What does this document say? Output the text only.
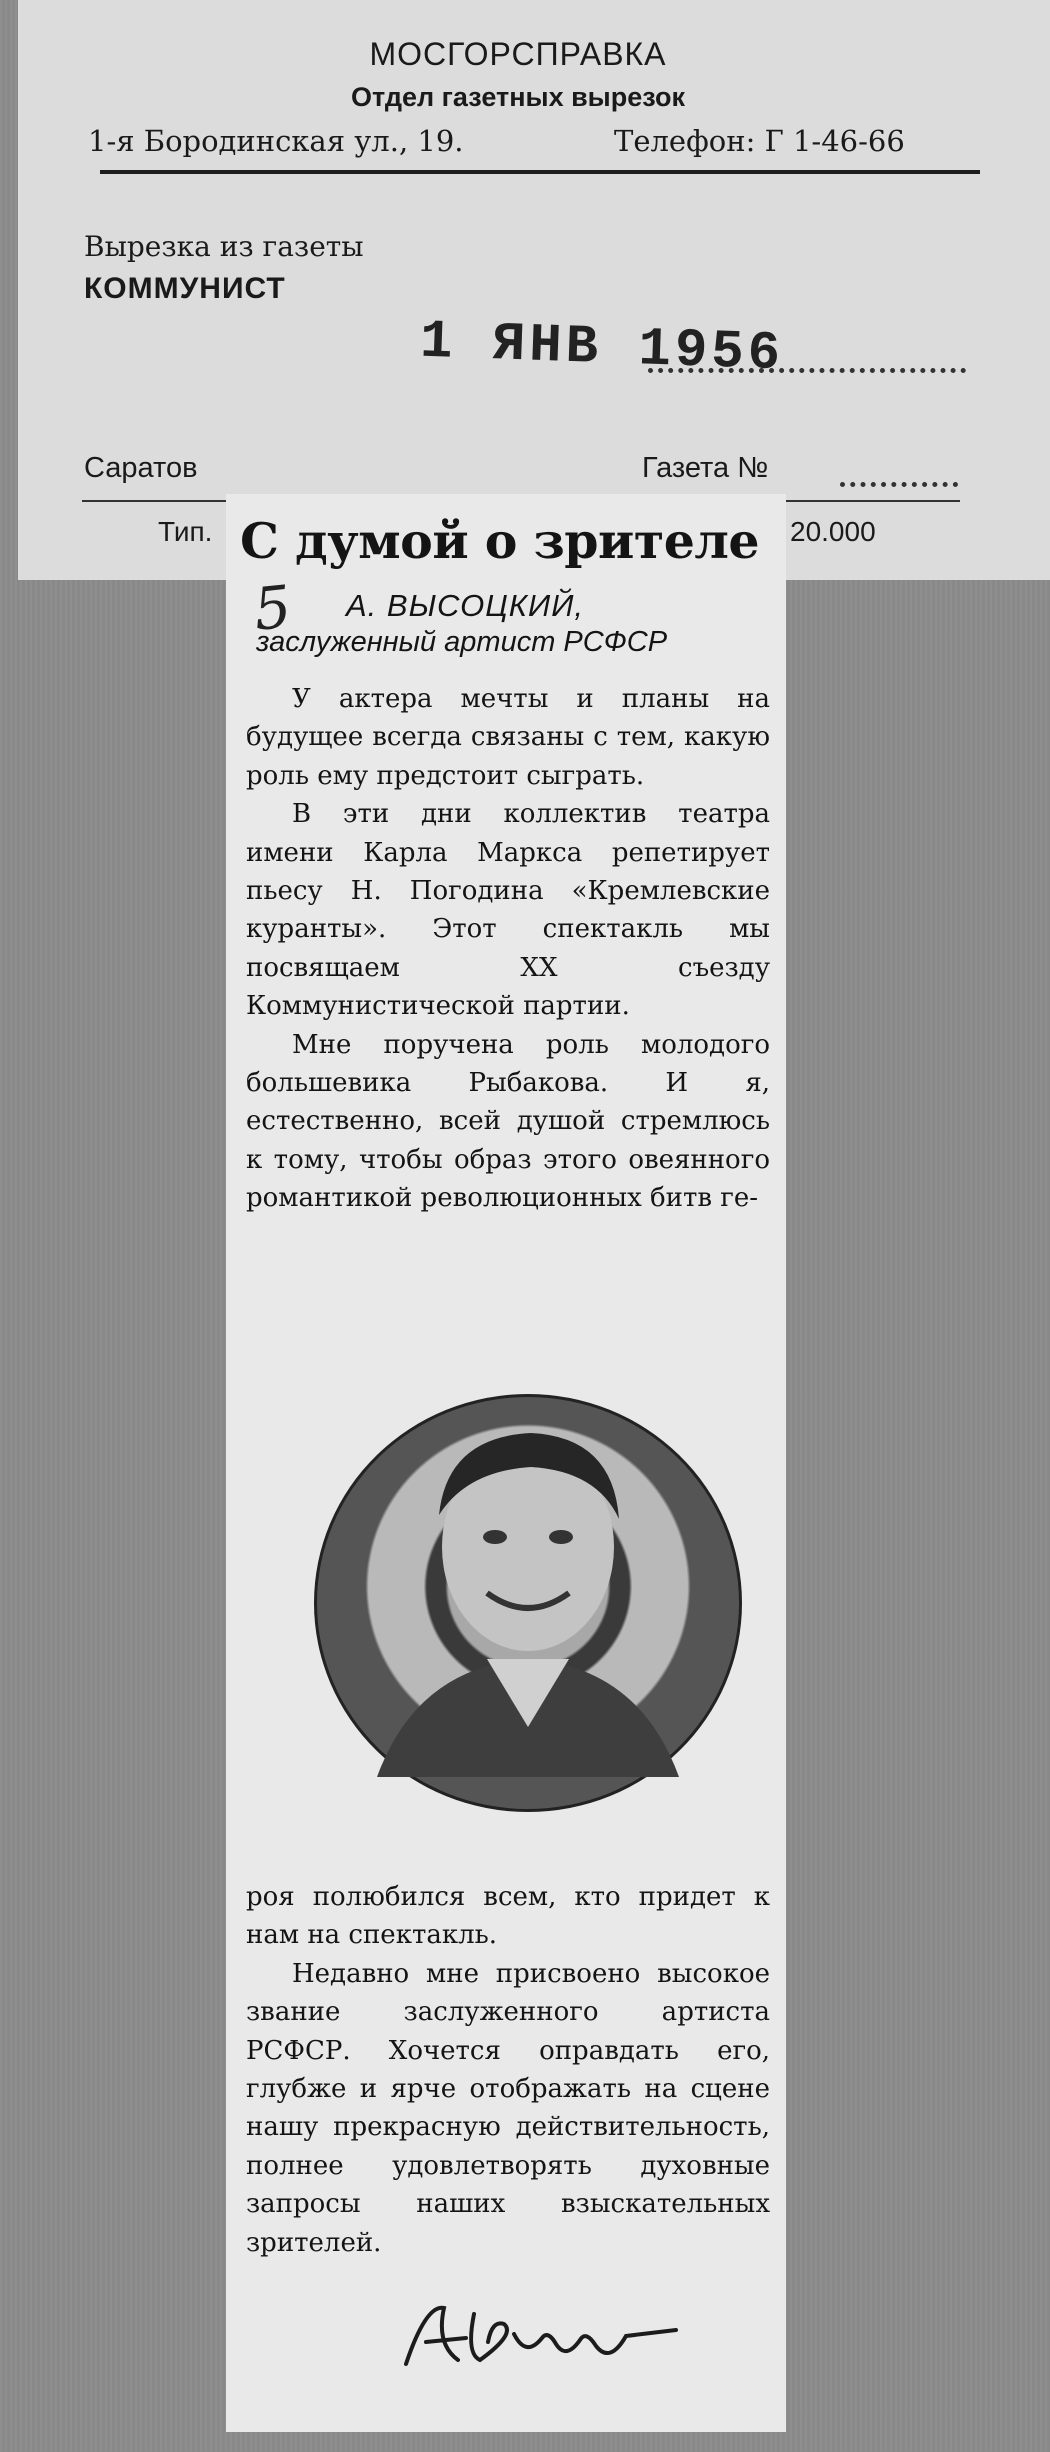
МОСГОРСПРАВКА
Отдел газетных вырезок
1-я Бородинская ул., 19.	Телефон: Г 1-46-66
Вырезка из газеты
КОММУНИСТ
1 ЯНВ 1956
Саратов	Газета №
Тип.	20.000
С думой о зрителе
5 А. ВЫСОЦКИЙ,
заслуженный артист РСФСР
У актера мечты и планы на будущее всегда связаны с тем, какую роль ему предстоит сыграть.
В эти дни коллектив театра имени Карла Маркса репетирует пьесу Н. Погодина «Кремлевские куранты». Этот спектакль мы посвящаем XX съезду Коммунистической партии.
Мне поручена роль молодого большевика Рыбакова. И я, естественно, всей душой стремлюсь к тому, чтобы образ этого овеянного романтикой революционных битв ге-
роя полюбился всем, кто придет к нам на спектакль.
Недавно мне присвоено высокое звание заслуженного артиста РСФСР. Хочется оправдать его, глубже и ярче отображать на сцене нашу прекрасную действительность, полнее удовлетворять духовные запросы наших взыскательных зрителей.
